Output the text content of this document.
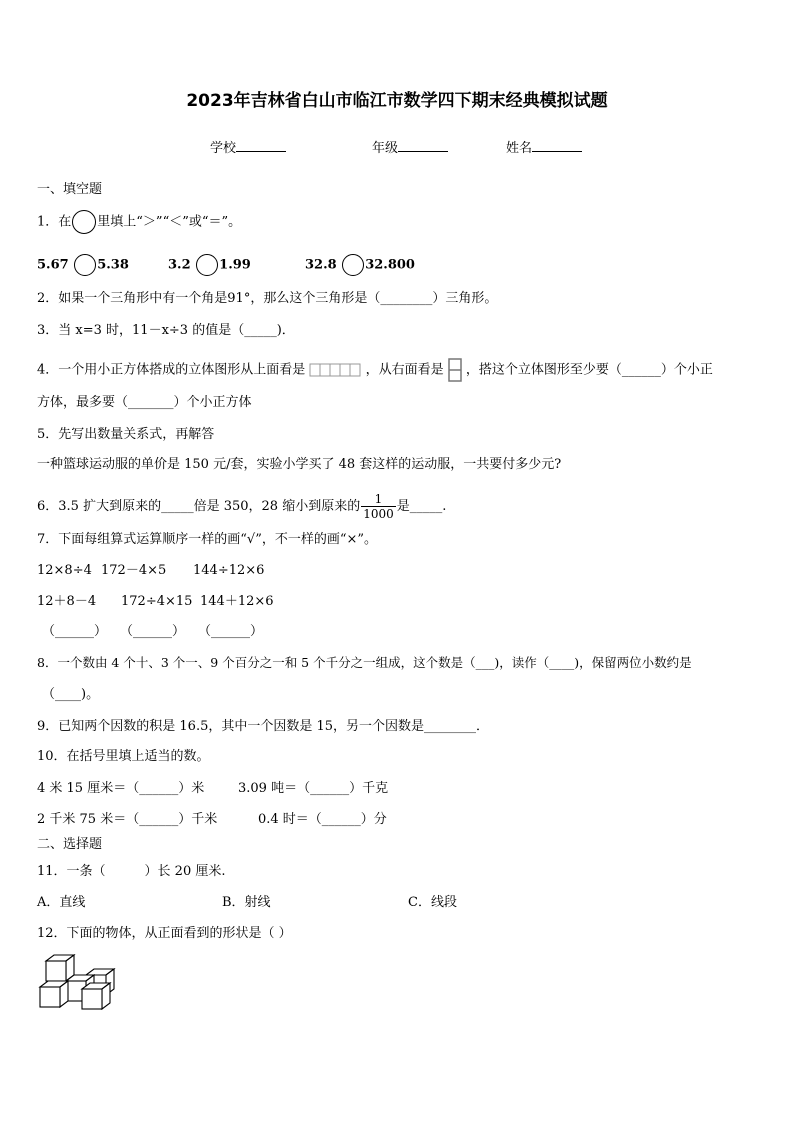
2023年吉林省白山市临江市数学四下期末经典模拟试题
学校	年级	姓名
一、填空题
1．在 里填上“＞”“＜”或“＝”。
5.67 5.38	3.2 1.99	32.8 32.800
2．如果一个三角形中有一个角是91°，那么这个三角形是（________）三角形。
3．当 x=3 时，11－x÷3 的值是（_____)．
4．一个用小正方体搭成的立体图形从上面看是	，从右面看是 ，搭这个立体图形至少要（______）个小正
方体，最多要（_______）个小正方体
5．先写出数量关系式，再解答
一种篮球运动服的单价是 150 元/套，实验小学买了 48 套这样的运动服，一共要付多少元?
6．3.5 扩大到原来的_____倍是 350，28 缩小到原来的 $\frac{1}{1000}$ 是_____.
7．下面每组算式运算顺序一样的画“√”，不一样的画“×”。
12×8÷4 172－4×5 144÷12×6
12＋8－4 172÷4×15 144＋12×6
（______） （______） （______）
8．一个数由 4 个十、3 个一、9 个百分之一和 5 个千分之一组成，这个数是（___)，读作（____)，保留两位小数约是
（____)。
9．已知两个因数的积是 16.5，其中一个因数是 15，另一个因数是________．
10．在括号里填上适当的数。
4 米 15 厘米＝（______）米	3.09 吨＝（______）千克
2 千米 75 米＝（______）千米	0.4 时＝（______）分
二、选择题
11．一条（　　　）长 20 厘米.
A．直线	B．射线	C．线段
12．下面的物体，从正面看到的形状是（ ）
